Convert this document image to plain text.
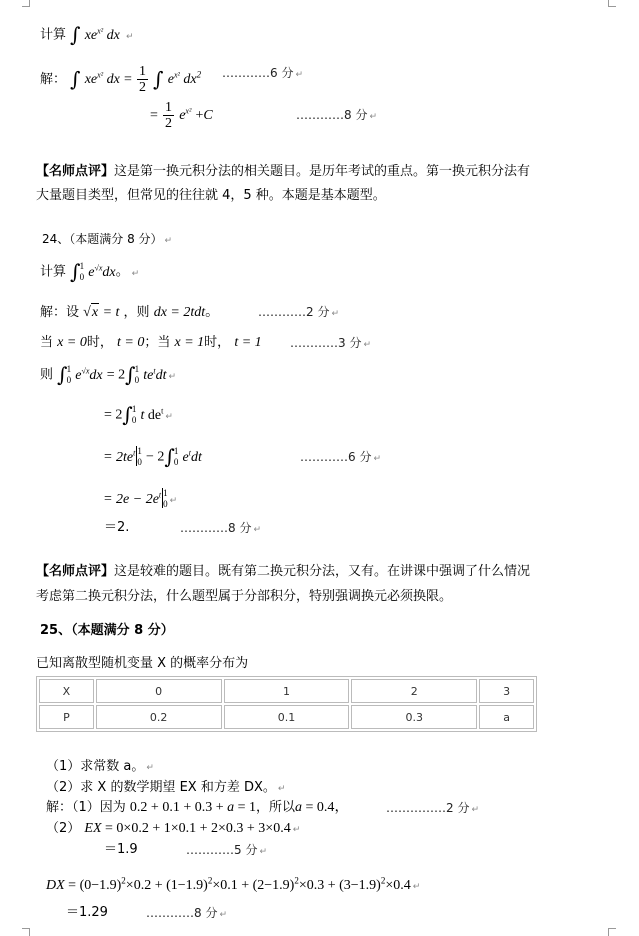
计算 ∫ $xe^{x^2}$ dx ↵
解： ∫ $xe^{x^2}$ dx = $\frac{1}{2}$ ∫ $e^{x^2}$ $dx^2$ …………6 分 ↵
= $\frac{1}{2} e^{x^2} +C$	…………8 分 ↵
【名师点评】这是第一换元积分法的相关题目。是历年考试的重点。第一换元积分法有
大量题目类型，但常见的往往就 4，5 种。本题是基本题型。
24、（本题满分 8 分） ↵
计算 ∫ 1
0 $e^{√x}dx$。 ↵
解：设 √x = t ，则 dx = 2tdt。	…………2 分 ↵
当 x = 0时， t = 0；当 x = 1时， t = 1 …………3 分 ↵
则 ∫ 1
0 $e^{√x}dx = 2\int$ 1
0 $te^tdt$ ↵
= 2∫ 1
0 t $de^t↵$
= $2te^t$ 1
0 − 2∫ 1
0 $e^tdt$	…………6 分 ↵
= $2e - 2e^t$ 1
0 ↵
＝2.	…………8 分 ↵
【名师点评】这是较难的题目。既有第二换元积分法，又有。在讲课中强调了什么情况
考虑第二换元积分法，什么题型属于分部积分，特别强调换元必须换限。
25、（本题满分 8 分）
已知离散型随机变量 X 的概率分布为
X	0	1	2	3
P	0.2	0.1	0.3	a
（1）求常数 a。 ↵
（2）求 X 的数学期望 EX 和方差 DX。 ↵
解：（1）因为 0.2 + 0.1 + 0.3 + a = 1，所以a = 0.4，	……………2 分 ↵
（2） EX = 0×0.2 + 1×0.1 + 2×0.3 + 3×0.4 ↵
＝1.9	…………5 分 ↵
DX = $(0-1.9)^2\times 0.2 + (1-1.9)^2\times 0.1 + (2-1.9)^2\times 0.3 + (3-1.9)^2\times 0.4$ ↵
＝1.29	…………8 分 ↵
